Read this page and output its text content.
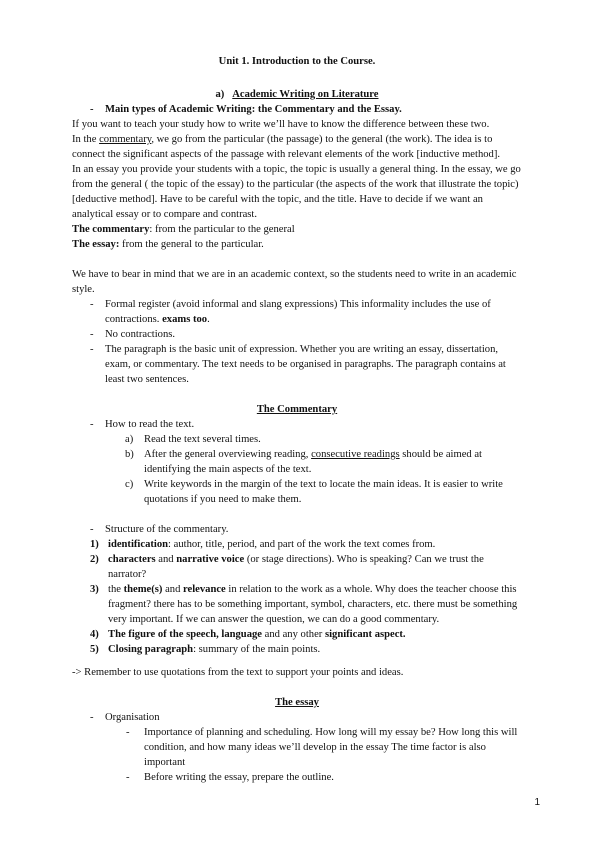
Unit 1. Introduction to the Course.

a) Academic Writing on Literature

- Main types of Academic Writing: the Commentary and the Essay.

If you want to teach your study how to write we’ll have to know the difference between these two.

In the commentary, we go from the particular (the passage) to the general (the work). The idea is to connect the significant aspects of the passage with relevant elements of the work [inductive method].

In an essay you provide your students with a topic, the topic is usually a general thing. In the essay, we go from the general ( the topic of the essay) to the particular (the aspects of the work that illustrate the topic) [deductive method]. Have to be careful with the topic, and the title. Have to decide if we want an analytical essay or to compare and contrast.

The commentary: from the particular to the general

The essay: from the general to the particular.

We have to bear in mind that we are in an academic context, so the students need to write in an academic style.

- Formal register (avoid informal and slang expressions) This informality includes the use of contractions. exams too.

- No contractions.

- The paragraph is the basic unit of expression. Whether you are writing an essay, dissertation, exam, or commentary. The text needs to be organised in paragraphs. The paragraph contains at least two sentences.

The Commentary

- How to read the text.

a) Read the text several times.

b) After the general overviewing reading, consecutive readings should be aimed at identifying the main aspects of the text.

c) Write keywords in the margin of the text to locate the main ideas. It is easier to write quotations if you need to make them.

- Structure of the commentary.

1) identification: author, title, period, and part of the work the text comes from.

2) characters and narrative voice (or stage directions). Who is speaking? Can we trust the narrator?

3) the theme(s) and relevance in relation to the work as a whole. Why does the teacher choose this fragment? there has to be something important, symbol, characters, etc. there must be something very important. If we can answer the question, we can do a good commentary.

4) The figure of the speech, language and any other significant aspect.

5) Closing paragraph: summary of the main points.

-> Remember to use quotations from the text to support your points and ideas.

The essay

- Organisation

- Importance of planning and scheduling. How long will my essay be? How long this will condition, and how many ideas we’ll develop in the essay The time factor is also important

- Before writing the essay, prepare the outline.

1
